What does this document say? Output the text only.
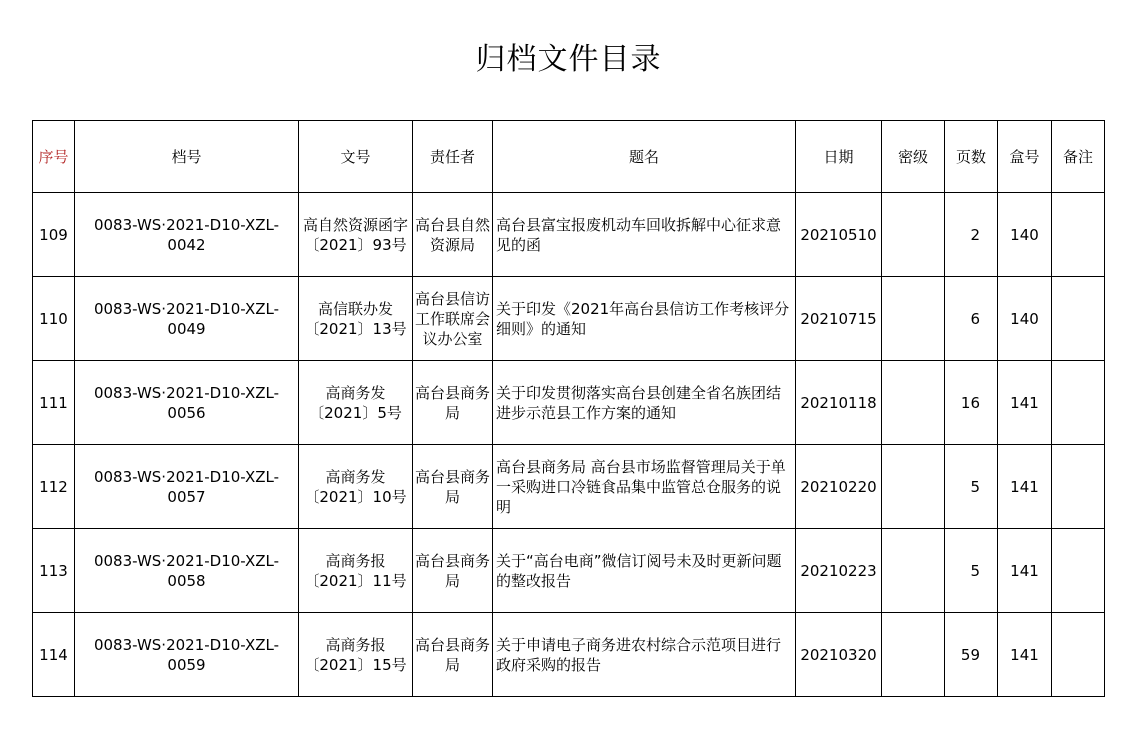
归档文件目录
序号	档号	文号	责任者	题名	日期	密级	页数	盒号	备注
109	0083-WS·2021-D10-XZL-0042	高自然资源函字〔2021〕93号	高台县自然资源局	高台县富宝报废机动车回收拆解中心征求意见的函	20210510		2	140	
110	0083-WS·2021-D10-XZL-0049	高信联办发〔2021〕13号	高台县信访工作联席会议办公室	关于印发《2021年高台县信访工作考核评分细则》的通知	20210715		6	140	
111	0083-WS·2021-D10-XZL-0056	高商务发〔2021〕5号	高台县商务局	关于印发贯彻落实高台县创建全省名族团结进步示范县工作方案的通知	20210118		16	141	
112	0083-WS·2021-D10-XZL-0057	高商务发〔2021〕10号	高台县商务局	高台县商务局 高台县市场监督管理局关于单一采购进口冷链食品集中监管总仓服务的说明	20210220		5	141	
113	0083-WS·2021-D10-XZL-0058	高商务报〔2021〕11号	高台县商务局	关于“高台电商”微信订阅号未及时更新问题的整改报告	20210223		5	141	
114	0083-WS·2021-D10-XZL-0059	高商务报〔2021〕15号	高台县商务局	关于申请电子商务进农村综合示范项目进行政府采购的报告	20210320		59	141	
